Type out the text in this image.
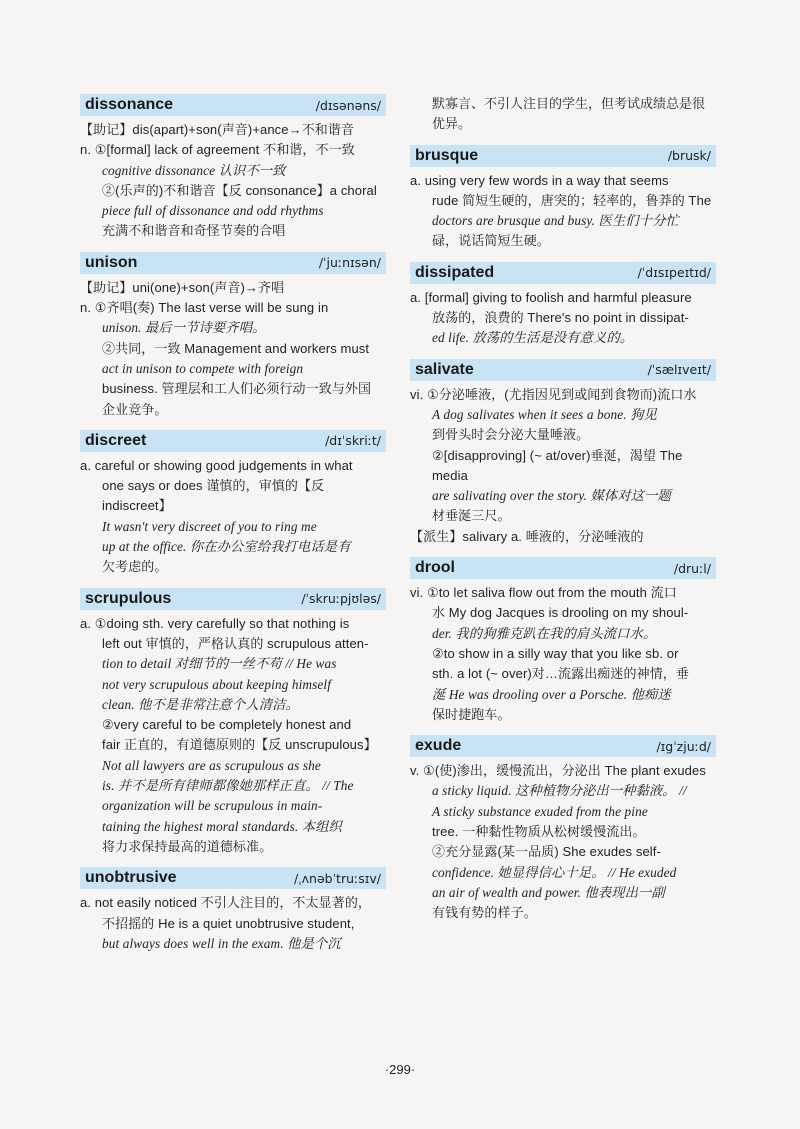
dissonance	/dɪsənəns/
【助记】dis(apart)+son(声音)+ance→不和谐音
n. ①[formal] lack of agreement 不和谐，不一致
cognitive dissonance 认识不一致
②(乐声的)不和谐音【反 consonance】a choral
piece full of dissonance and odd rhythms
充满不和谐音和奇怪节奏的合唱
unison	/ˈjuːnɪsən/
【助记】uni(one)+son(声音)→齐唱
n. ①齐唱(奏) The last verse will be sung in
unison. 最后一节诗要齐唱。
②共同，一致 Management and workers must
act in unison to compete with foreign
business. 管理层和工人们必须行动一致与外国
企业竞争。
discreet	/dɪˈskriːt/
a. careful or showing good judgements in what
one says or does 谨慎的，审慎的【反 indiscreet】
It wasn't very discreet of you to ring me
up at the office. 你在办公室给我打电话是有
欠考虑的。
scrupulous	/ˈskruːpjʊləs/
a. ①doing sth. very carefully so that nothing is
left out 审慎的，严格认真的 scrupulous atten-
tion to detail 对细节的一丝不苟 // He was
not very scrupulous about keeping himself
clean. 他不是非常注意个人清洁。
②very careful to be completely honest and
fair 正直的，有道德原则的【反 unscrupulous】
Not all lawyers are as scrupulous as she
is. 并不是所有律师都像她那样正直。 // The
organization will be scrupulous in main-
taining the highest moral standards. 本组织
将力求保持最高的道德标准。
unobtrusive	/ˌʌnəbˈtruːsɪv/
a. not easily noticed 不引人注目的，不太显著的，
不招摇的 He is a quiet unobtrusive student,
but always does well in the exam. 他是个沉
默寡言、不引人注目的学生，但考试成绩总是很
优异。
brusque	/brusk/
a. using very few words in a way that seems
rude 简短生硬的，唐突的；轻率的，鲁莽的 The
doctors are brusque and busy. 医生们十分忙
碌，说话简短生硬。
dissipated	/ˈdɪsɪpeɪtɪd/
a. [formal] giving to foolish and harmful pleasure
放荡的，浪费的 There's no point in dissipat-
ed life. 放荡的生活是没有意义的。
salivate	/ˈsælɪveɪt/
vi. ①分泌唾液，(尤指因见到或闻到食物而)流口水
A dog salivates when it sees a bone. 狗见
到骨头时会分泌大量唾液。
②[disapproving] (~ at/over)垂涎，渴望 The media
are salivating over the story. 媒体对这一题
材垂涎三尺。
【派生】salivary a. 唾液的，分泌唾液的
drool	/druːl/
vi. ①to let saliva flow out from the mouth 流口
水 My dog Jacques is drooling on my shoul-
der. 我的狗雅克趴在我的肩头流口水。
②to show in a silly way that you like sb. or
sth. a lot (~ over)对…流露出痴迷的神情，垂
涎 He was drooling over a Porsche. 他痴迷
保时捷跑车。
exude	/ɪgˈzjuːd/
v. ①(使)渗出，缓慢流出，分泌出 The plant exudes
a sticky liquid. 这种植物分泌出一种黏液。 //
A sticky substance exuded from the pine
tree. 一种黏性物质从松树缓慢流出。
②充分显露(某一品质) She exudes self-
confidence. 她显得信心十足。 // He exuded
an air of wealth and power. 他表现出一副
有钱有势的样子。
·299·
